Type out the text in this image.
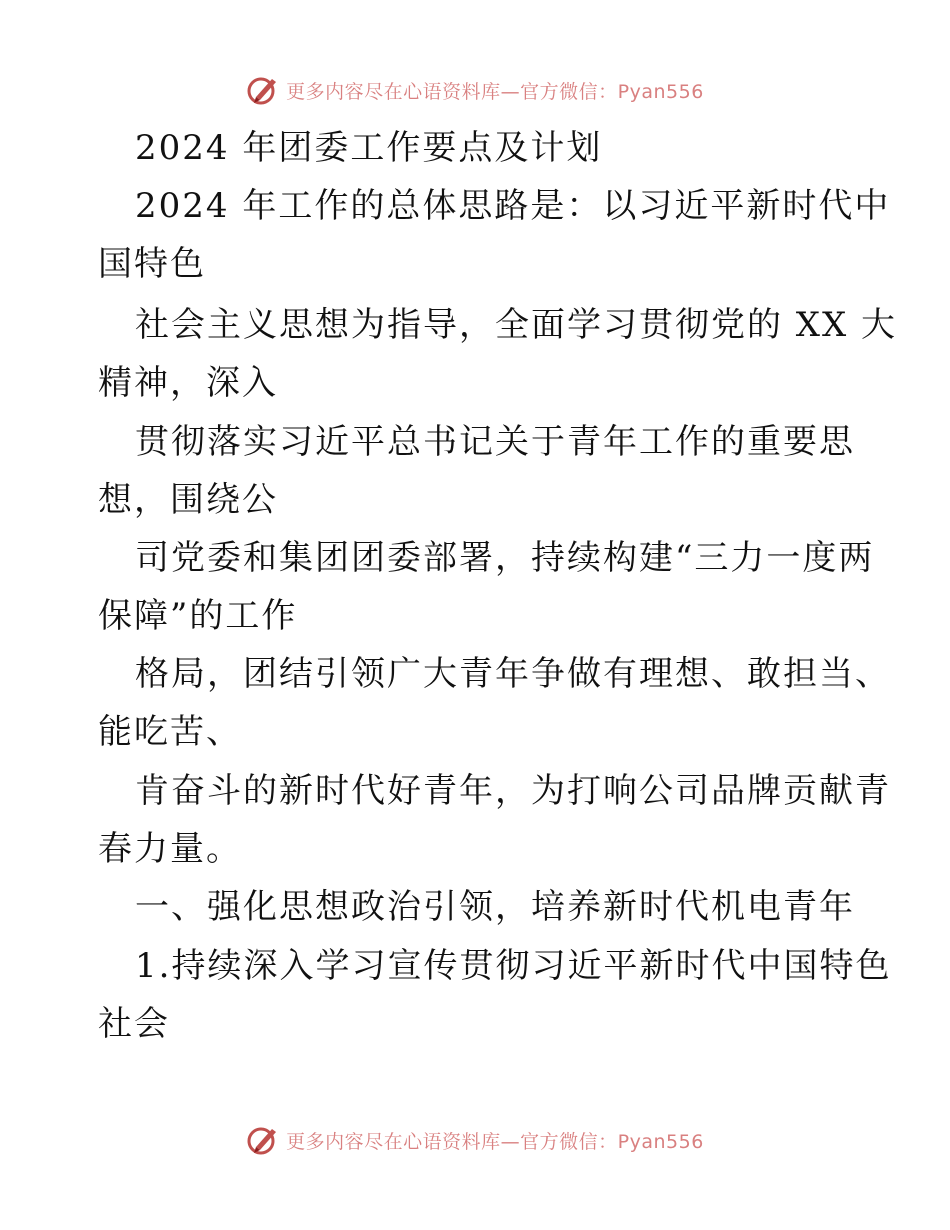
更多内容尽在心语资料库—官方微信：Pyan556
2024 年团委工作要点及计划
2024 年工作的总体思路是：以习近平新时代中
国特色
社会主义思想为指导，全面学习贯彻党的 XX 大
精神，深入
贯彻落实习近平总书记关于青年工作的重要思
想，围绕公
司党委和集团团委部署，持续构建“三力一度两
保障”的工作
格局，团结引领广大青年争做有理想、敢担当、
能吃苦、
肯奋斗的新时代好青年，为打响公司品牌贡献青
春力量。
一、强化思想政治引领，培养新时代机电青年
1.持续深入学习宣传贯彻习近平新时代中国特色
社会
更多内容尽在心语资料库—官方微信：Pyan556
